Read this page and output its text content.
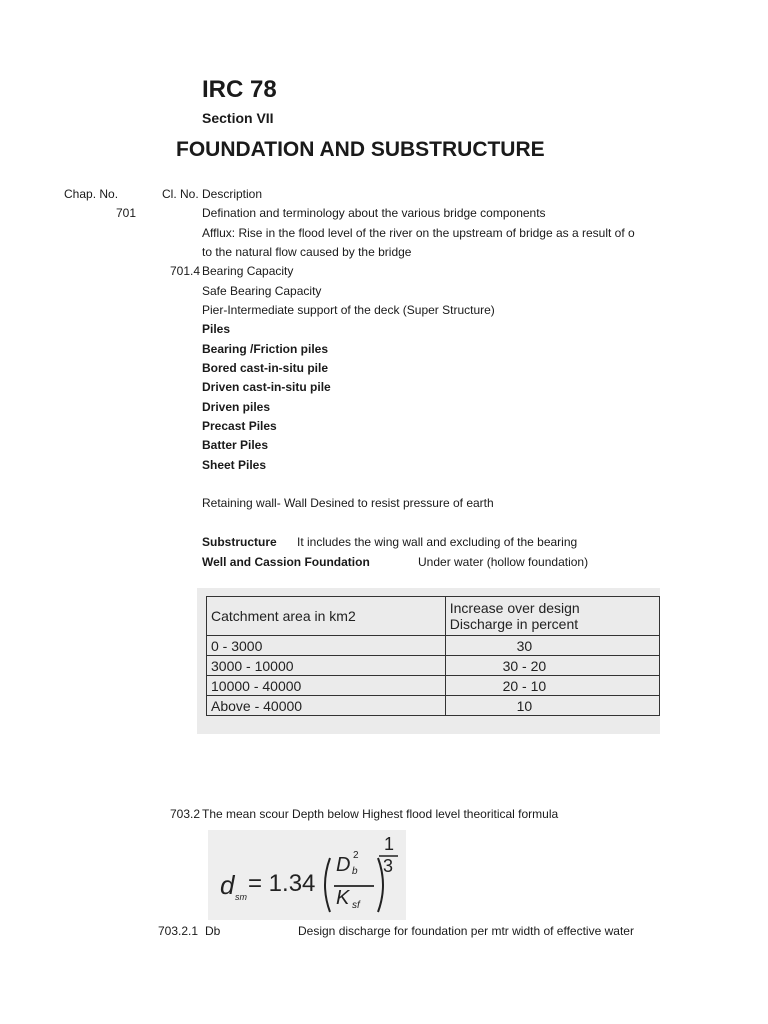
IRC 78
Section VII
FOUNDATION AND SUBSTRUCTURE
Chap. No.	Cl. No. Description
701	Defination and terminology about the various bridge components
Afflux: Rise in the flood level of the river on the upstream of bridge as a result of o
to the natural flow caused by the bridge
701.4 Bearing Capacity
Safe Bearing Capacity
Pier-Intermediate support of the deck (Super Structure)
Piles
Bearing /Friction piles
Bored cast-in-situ pile
Driven cast-in-situ pile
Driven piles
Precast Piles
Batter Piles
Sheet Piles
Retaining wall- Wall Desined to resist pressure of earth
Substructure It includes the wing wall and excluding of the bearing
Well and Cassion Foundation	Under water (hollow foundation)
Catchment area in km2	Increase over design
Discharge in percent

0 - 3000	30
3000 - 10000	30 - 20
10000 - 40000	20 - 10
Above - 40000	10
703.2 The mean scour Depth below Highest flood level theoritical formula
d sm = 1.34
D 2
b
K sf
1
3
703.2.1 Db	Design discharge for foundation per mtr width of effective water
